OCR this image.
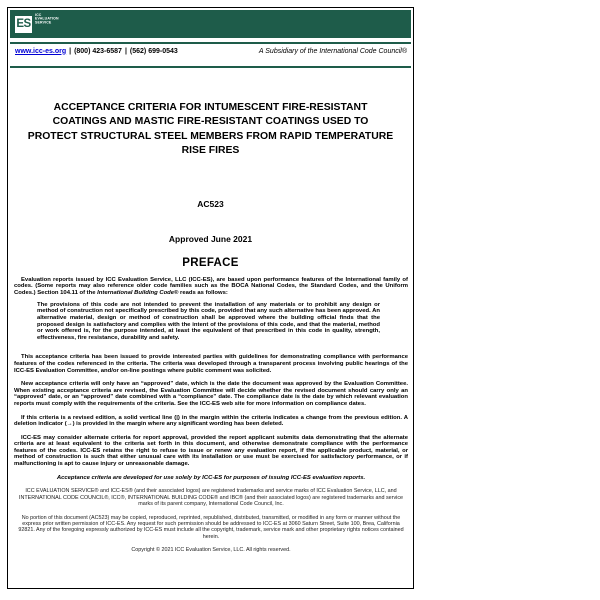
ES
ICC
EVALUATION
SERVICE
www.icc-es.org | (800) 423-6587 | (562) 699-0543	A Subsidiary of the International Code Council®
ACCEPTANCE CRITERIA FOR INTUMESCENT FIRE-RESISTANT COATINGS AND MASTIC FIRE-RESISTANT COATINGS USED TO PROTECT STRUCTURAL STEEL MEMBERS FROM RAPID TEMPERATURE RISE FIRES
AC523
Approved June 2021
PREFACE

Evaluation reports issued by ICC Evaluation Service, LLC (ICC-ES), are based upon performance features of the International family of codes. (Some reports may also reference older code families such as the BOCA National Codes, the Standard Codes, and the Uniform Codes.) Section 104.11 of the International Building Code® reads as follows:

The provisions of this code are not intended to prevent the installation of any materials or to prohibit any design or method of construction not specifically prescribed by this code, provided that any such alternative has been approved. An alternative material, design or method of construction shall be approved where the building official finds that the proposed design is satisfactory and complies with the intent of the provisions of this code, and that the material, method or work offered is, for the purpose intended, at least the equivalent of that prescribed in this code in quality, strength, effectiveness, fire resistance, durability and safety.

This acceptance criteria has been issued to provide interested parties with guidelines for demonstrating compliance with performance features of the codes referenced in the criteria. The criteria was developed through a transparent process involving public hearings of the ICC-ES Evaluation Committee, and/or on-line postings where public comment was solicited.

New acceptance criteria will only have an “approved” date, which is the date the document was approved by the Evaluation Committee. When existing acceptance criteria are revised, the Evaluation Committee will decide whether the revised document should carry only an “approved” date, or an “approved” date combined with a “compliance” date. The compliance date is the date by which relevant evaluation reports must comply with the requirements of the criteria. See the ICC-ES web site for more information on compliance dates.

If this criteria is a revised edition, a solid vertical line (|) in the margin within the criteria indicates a change from the previous edition. A deletion indicator (→) is provided in the margin where any significant wording has been deleted.

ICC-ES may consider alternate criteria for report approval, provided the report applicant submits data demonstrating that the alternate criteria are at least equivalent to the criteria set forth in this document, and otherwise demonstrate compliance with the performance features of the codes. ICC-ES retains the right to refuse to issue or renew any evaluation report, if the applicable product, material, or method of construction is such that either unusual care with its installation or use must be exercised for satisfactory performance, or if malfunctioning is apt to cause injury or unreasonable damage.

Acceptance criteria are developed for use solely by ICC-ES for purposes of issuing ICC-ES evaluation reports.

ICC EVALUATION SERVICE® and ICC-ES® (and their associated logos) are registered trademarks and service marks of ICC Evaluation Service, LLC, and INTERNATIONAL CODE COUNCIL®, ICC®, INTERNATIONAL BUILDING CODE® and IBC® (and their associated logos) are registered trademarks and service marks of its parent company, International Code Council, Inc.

No portion of this document (AC523) may be copied, reproduced, reprinted, republished, distributed, transmitted, or modified in any form or manner without the express prior written permission of ICC-ES. Any request for such permission should be addressed to ICC-ES at 3060 Saturn Street, Suite 100, Brea, California 92821. Any of the foregoing expressly authorized by ICC-ES must include all the copyright, trademark, service mark and other proprietary rights notices contained herein.

Copyright © 2021 ICC Evaluation Service, LLC. All rights reserved.
